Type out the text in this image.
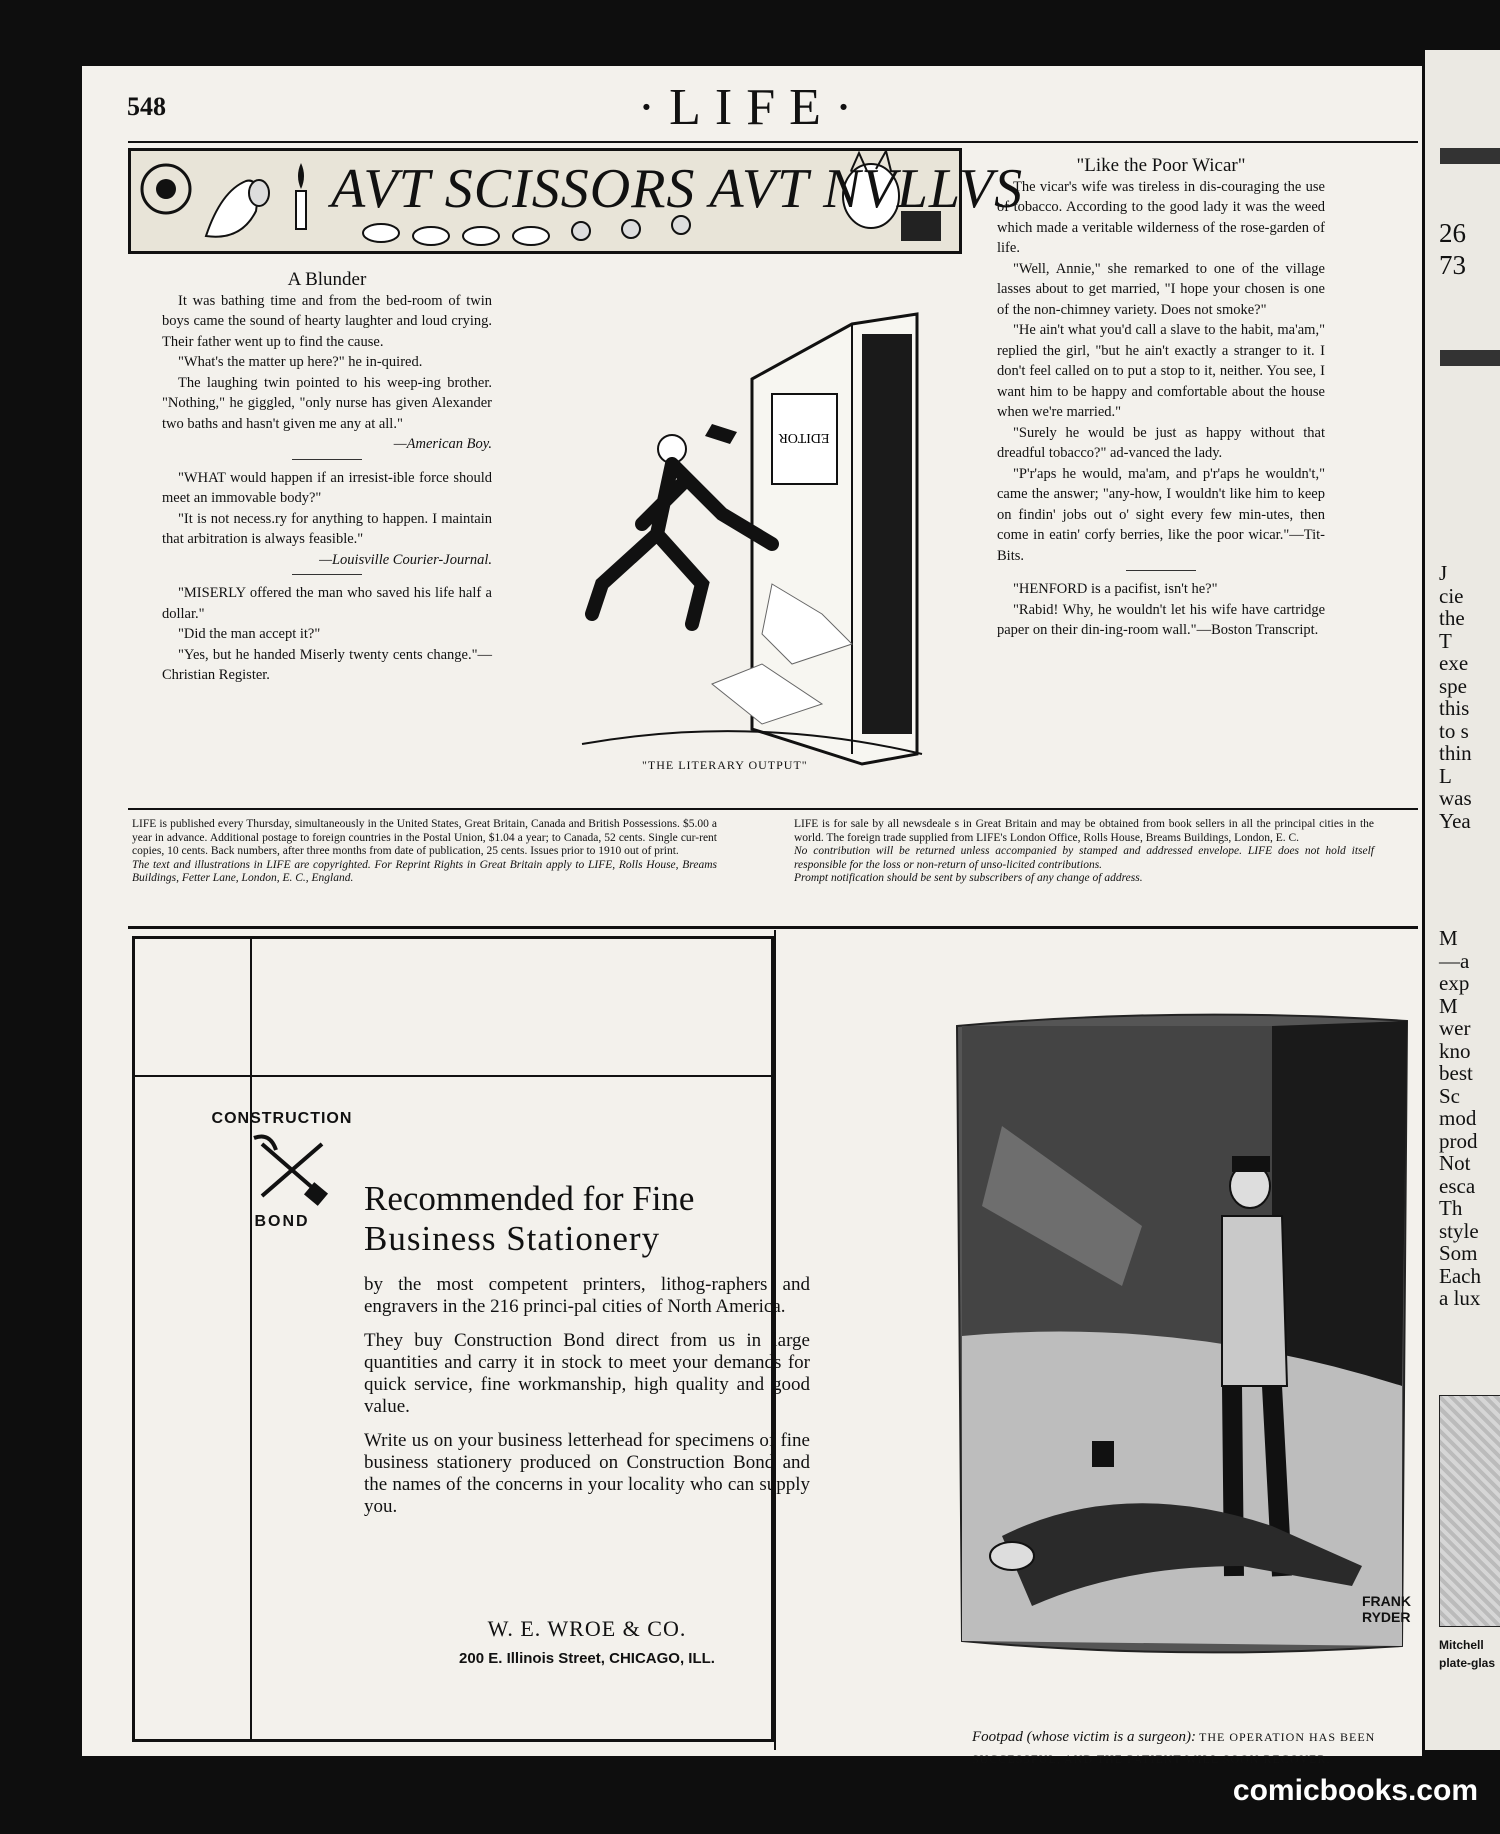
548	·LIFE·
AVT SCISSORS AVT NVLLVS
A Blunder

It was bathing time and from the bed-room of twin boys came the sound of hearty laughter and loud crying. Their father went up to find the cause.

"What's the matter up here?" he in-quired.

The laughing twin pointed to his weep-ing brother. "Nothing," he giggled, "only nurse has given Alexander two baths and hasn't given me any at all."

—American Boy.

"WHAT would happen if an irresist-ible force should meet an immovable body?"

"It is not necess.ry for anything to happen. I maintain that arbitration is always feasible."

—Louisville Courier-Journal.

"MISERLY offered the man who saved his life half a dollar."

"Did the man accept it?"

"Yes, but he handed Miserly twenty cents change."—Christian Register.

EDITOR
"THE LITERARY OUTPUT"
"Like the Poor Wicar"

The vicar's wife was tireless in dis-couraging the use of tobacco. According to the good lady it was the weed which made a veritable wilderness of the rose-garden of life.

"Well, Annie," she remarked to one of the village lasses about to get married, "I hope your chosen is one of the non-chimney variety. Does not smoke?"

"He ain't what you'd call a slave to the habit, ma'am," replied the girl, "but he ain't exactly a stranger to it. I don't feel called on to put a stop to it, neither. You see, I want him to be happy and comfortable about the house when we're married."

"Surely he would be just as happy without that dreadful tobacco?" ad-vanced the lady.

"P'r'aps he would, ma'am, and p'r'aps he wouldn't," came the answer; "any-how, I wouldn't like him to keep on findin' jobs out o' sight every few min-utes, then come in eatin' corfy berries, like the poor wicar."—Tit-Bits.

"HENFORD is a pacifist, isn't he?"

"Rabid! Why, he wouldn't let his wife have cartridge paper on their din-ing-room wall."—Boston Transcript.

LIFE is published every Thursday, simultaneously in the United States, Great Britain, Canada and British Possessions. $5.00 a year in advance. Additional postage to foreign countries in the Postal Union, $1.04 a year; to Canada, 52 cents. Single cur-rent copies, 10 cents. Back numbers, after three months from date of publication, 25 cents. Issues prior to 1910 out of print.

The text and illustrations in LIFE are copyrighted. For Reprint Rights in Great Britain apply to LIFE, Rolls House, Breams Buildings, Fetter Lane, London, E. C., England.

LIFE is for sale by all newsdeale s in Great Britain and may be obtained from book sellers in all the principal cities in the world. The foreign trade supplied from LIFE's London Office, Rolls House, Breams Buildings, London, E. C.

No contribution will be returned unless accompanied by stamped and addressed envelope. LIFE does not hold itself responsible for the loss or non-return of unso-licited contributions.

Prompt notification should be sent by subscribers of any change of address.

CONSTRUCTION
BOND
Recommended for Fine
Business Stationery

by the most competent printers, lithog-raphers and engravers in the 216 princi-pal cities of North America.

They buy Construction Bond direct from us in large quantities and carry it in stock to meet your demands for quick service, fine workmanship, high quality and good value.

Write us on your business letterhead for specimens of fine business stationery produced on Construction Bond and the names of the concerns in your locality who can supply you.

W. E. WROE & CO.
200 E. Illinois Street, CHICAGO, ILL.
FRANK
RYDER
Footpad (whose victim is a surgeon): THE OPERATION HAS BEEN SUCCESSFUL, AND THE PATIENT WILL SOON RECOVER.
26
73
J
cie
the
T
exe
spe
this
to s
thin
L
was
Yea
M
—a
exp
M
wer
kno
best
Sc
mod
prod
Not
esca
Th
style
Som
Each
a lux
Mitchell
plate-glas
comicbooks.com
